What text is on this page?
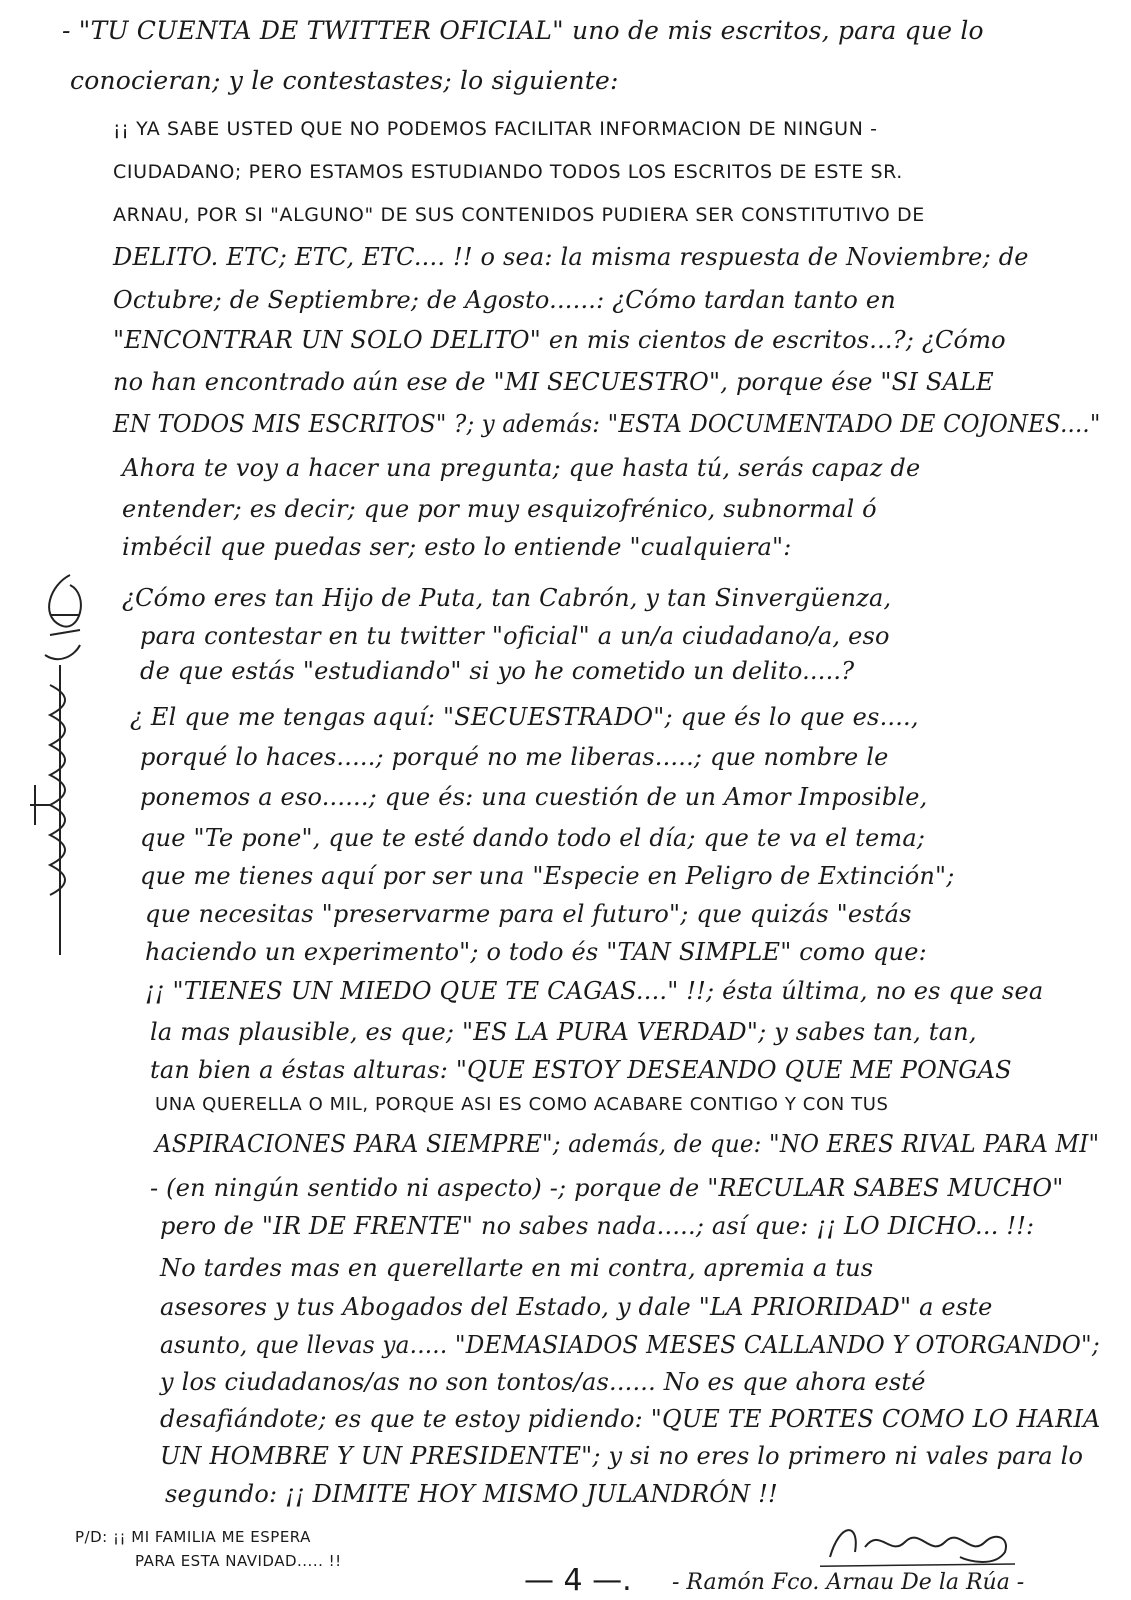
- "TU CUENTA DE TWITTER OFICIAL" uno de mis escritos, para que lo
conocieran; y le contestastes; lo siguiente:
¡¡ YA SABE USTED QUE NO PODEMOS FACILITAR INFORMACION DE NINGUN -
CIUDADANO; PERO ESTAMOS ESTUDIANDO TODOS LOS ESCRITOS DE ESTE SR.
ARNAU, POR SI "ALGUNO" DE SUS CONTENIDOS PUDIERA SER CONSTITUTIVO DE
DELITO. ETC; ETC, ETC.... !! o sea: la misma respuesta de Noviembre; de
Octubre; de Septiembre; de Agosto......: ¿Cómo tardan tanto en
"ENCONTRAR UN SOLO DELITO" en mis cientos de escritos...?; ¿Cómo
no han encontrado aún ese de "MI SECUESTRO", porque ése "SI SALE
EN TODOS MIS ESCRITOS" ?; y además: "ESTA DOCUMENTADO DE COJONES...."
Ahora te voy a hacer una pregunta; que hasta tú, serás capaz de
entender; es decir; que por muy esquizofrénico, subnormal ó
imbécil que puedas ser; esto lo entiende "cualquiera":
¿Cómo eres tan Hijo de Puta, tan Cabrón, y tan Sinvergüenza,
para contestar en tu twitter "oficial" a un/a ciudadano/a, eso
de que estás "estudiando" si yo he cometido un delito.....?
¿ El que me tengas aquí: "SECUESTRADO"; que és lo que es....,
porqué lo haces.....; porqué no me liberas.....; que nombre le
ponemos a eso......; que és: una cuestión de un Amor Imposible,
que "Te pone", que te esté dando todo el día; que te va el tema;
que me tienes aquí por ser una "Especie en Peligro de Extinción";
que necesitas "preservarme para el futuro"; que quizás "estás
haciendo un experimento"; o todo és "TAN SIMPLE" como que:
¡¡ "TIENES UN MIEDO QUE TE CAGAS...." !!; ésta última, no es que sea
la mas plausible, es que; "ES LA PURA VERDAD"; y sabes tan, tan,
tan bien a éstas alturas: "QUE ESTOY DESEANDO QUE ME PONGAS
UNA QUERELLA O MIL, PORQUE ASI ES COMO ACABARE CONTIGO Y CON TUS
ASPIRACIONES PARA SIEMPRE"; además, de que: "NO ERES RIVAL PARA MI"
- (en ningún sentido ni aspecto) -; porque de "RECULAR SABES MUCHO"
pero de "IR DE FRENTE" no sabes nada.....; así que: ¡¡ LO DICHO... !!:
No tardes mas en querellarte en mi contra, apremia a tus
asesores y tus Abogados del Estado, y dale "LA PRIORIDAD" a este
asunto, que llevas ya..... "DEMASIADOS MESES CALLANDO Y OTORGANDO";
y los ciudadanos/as no son tontos/as...... No es que ahora esté
desafiándote; es que te estoy pidiendo: "QUE TE PORTES COMO LO HARIA
UN HOMBRE Y UN PRESIDENTE"; y si no eres lo primero ni vales para lo
segundo: ¡¡ DIMITE HOY MISMO JULANDRÓN !!
P/D: ¡¡ MI FAMILIA ME ESPERA
PARA ESTA NAVIDAD..... !!
— 4 —. - Ramón Fco. Arnau De la Rúa -
